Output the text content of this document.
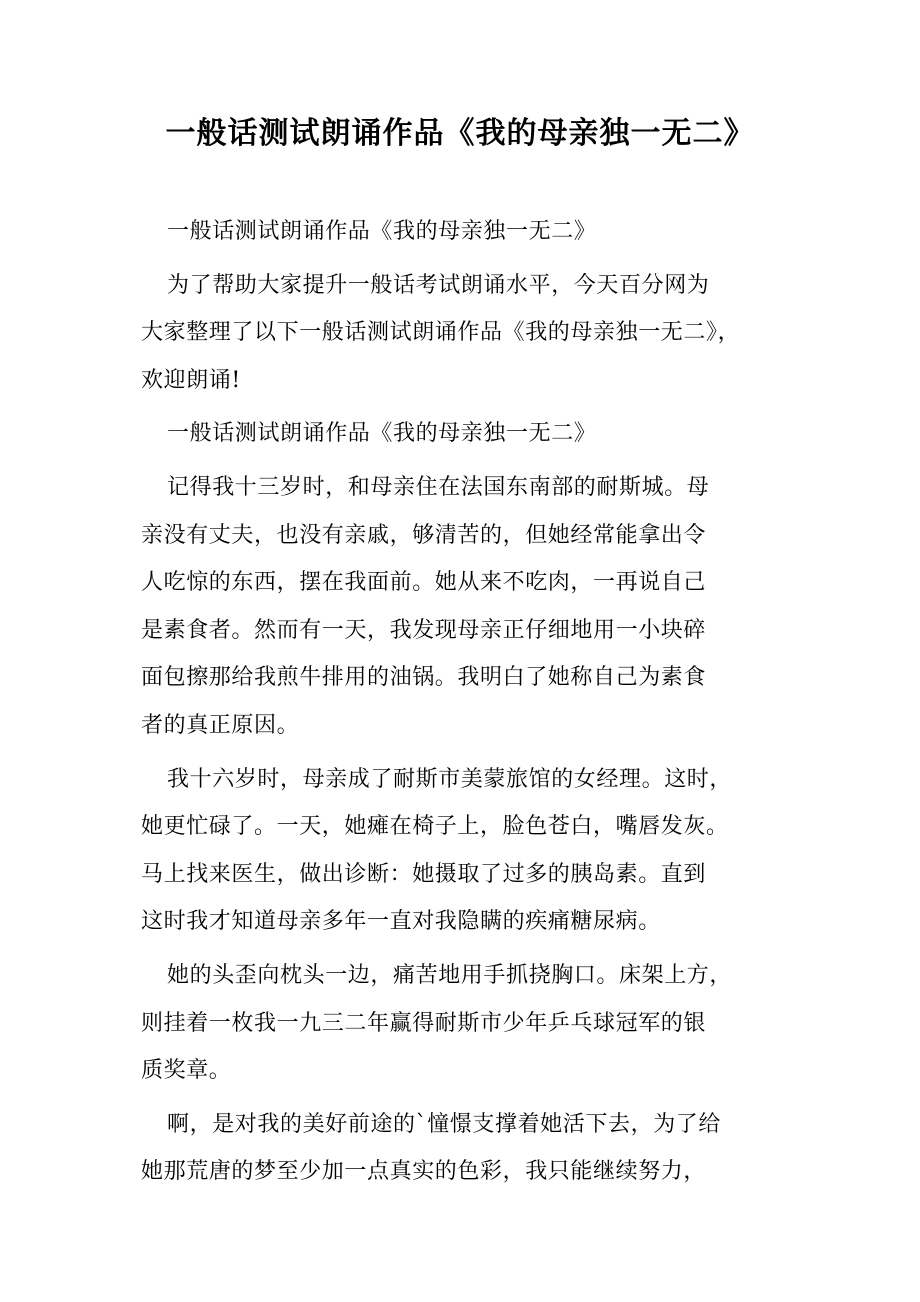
一般话测试朗诵作品《我的母亲独一无二》

一般话测试朗诵作品《我的母亲独一无二》

为了帮助大家提升一般话考试朗诵水平，今天百分网为
大家整理了以下一般话测试朗诵作品《我的母亲独一无二》，
欢迎朗诵!

一般话测试朗诵作品《我的母亲独一无二》

记得我十三岁时，和母亲住在法国东南部的耐斯城。母
亲没有丈夫，也没有亲戚，够清苦的，但她经常能拿出令
人吃惊的东西，摆在我面前。她从来不吃肉，一再说自己
是素食者。然而有一天，我发现母亲正仔细地用一小块碎
面包擦那给我煎牛排用的油锅。我明白了她称自己为素食
者的真正原因。

我十六岁时，母亲成了耐斯市美蒙旅馆的女经理。这时，
她更忙碌了。一天，她瘫在椅子上，脸色苍白，嘴唇发灰。
马上找来医生，做出诊断：她摄取了过多的胰岛素。直到
这时我才知道母亲多年一直对我隐瞒的疾痛糖尿病。

她的头歪向枕头一边，痛苦地用手抓挠胸口。床架上方，
则挂着一枚我一九三二年赢得耐斯市少年乒乓球冠军的银
质奖章。

啊，是对我的美好前途的`憧憬支撑着她活下去，为了给
她那荒唐的梦至少加一点真实的色彩，我只能继续努力，
